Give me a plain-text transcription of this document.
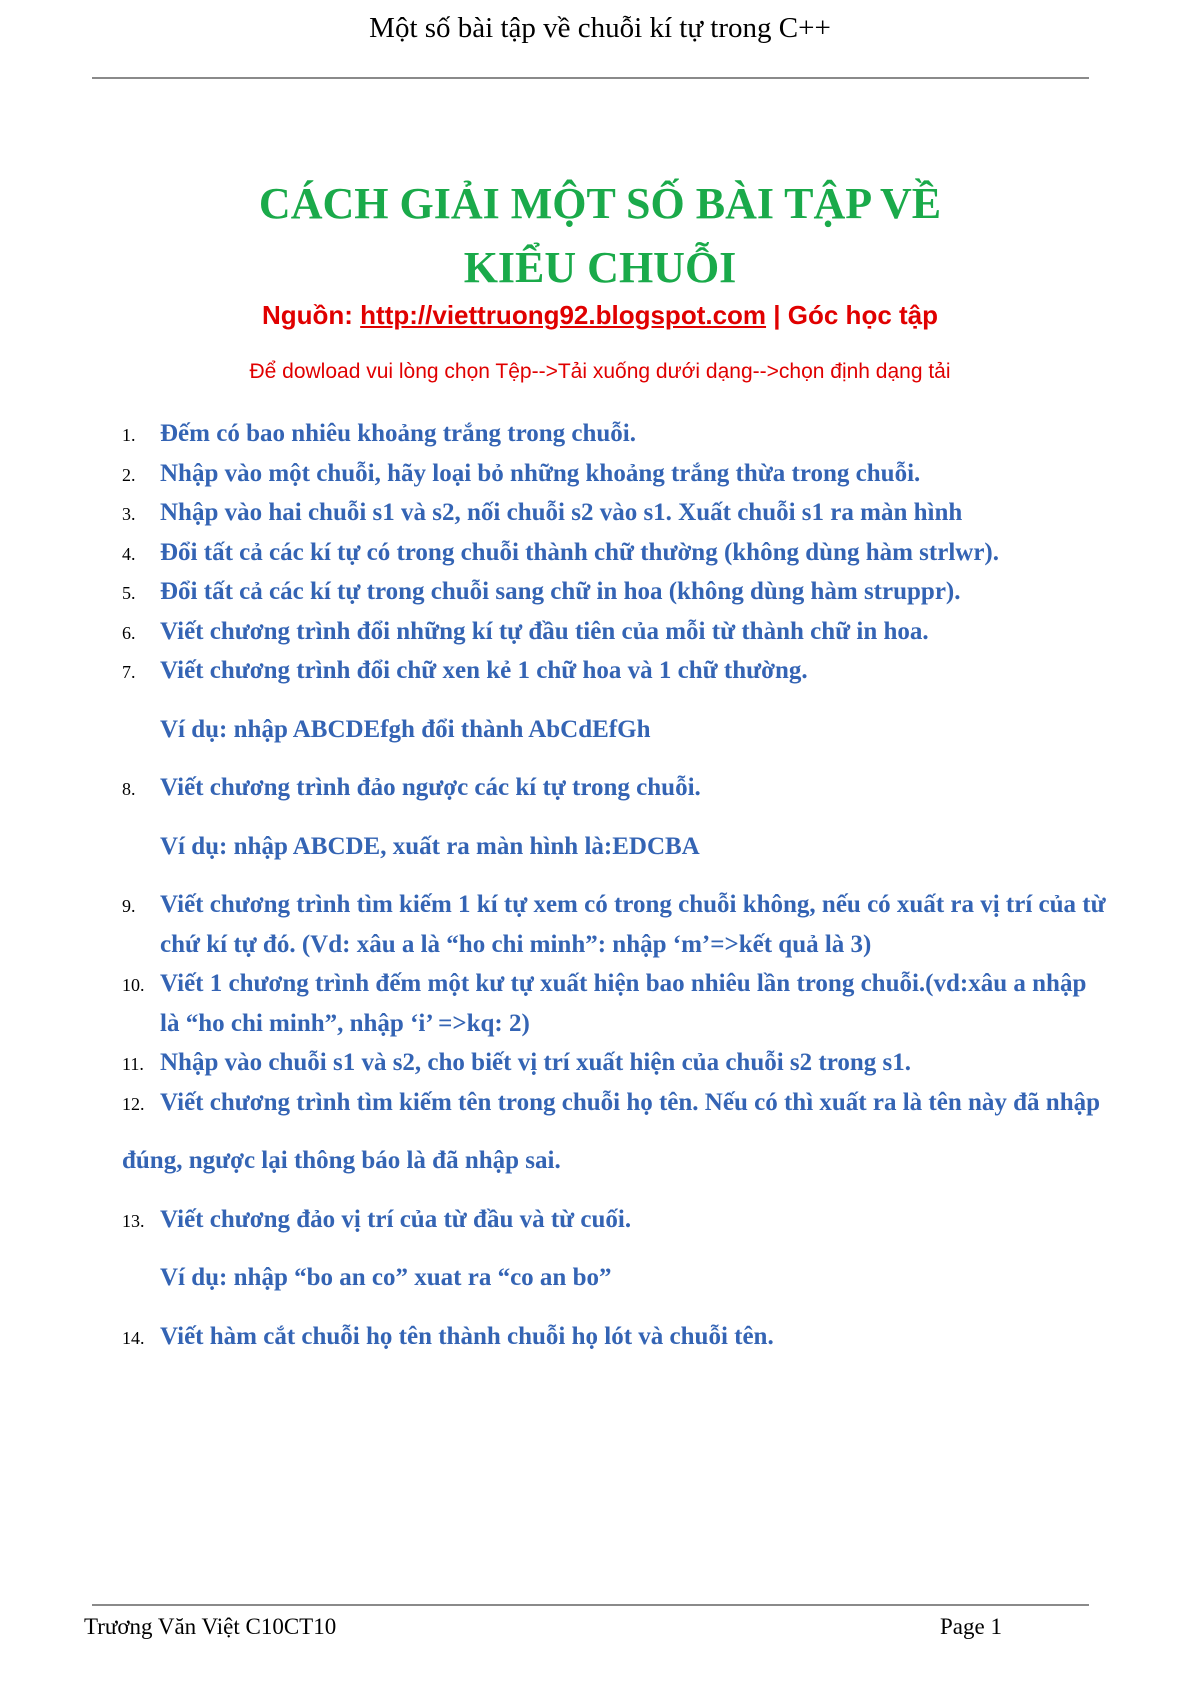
Một số bài tập về chuỗi kí tự trong C++
CÁCH GIẢI MỘT SỐ BÀI TẬP VỀ
KIỂU CHUỖI
Nguồn: http://viettruong92.blogspot.com | Góc học tập
Để dowload vui lòng chọn Tệp-->Tải xuống dưới dạng-->chọn định dạng tải
1. Đếm có bao nhiêu khoảng trắng trong chuỗi.
2. Nhập vào một chuỗi, hãy loại bỏ những khoảng trắng thừa trong chuỗi.
3. Nhập vào hai chuỗi s1 và s2, nối chuỗi s2 vào s1. Xuất chuỗi s1 ra màn hình
4. Đổi tất cả các kí tự có trong chuỗi thành chữ thường (không dùng hàm strlwr).
5. Đổi tất cả các kí tự trong chuỗi sang chữ in hoa (không dùng hàm struppr).
6. Viết chương trình đổi những kí tự đầu tiên của mỗi từ thành chữ in hoa.
7. Viết chương trình đổi chữ xen kẻ 1 chữ hoa và 1 chữ thường.
Ví dụ: nhập ABCDEfgh đổi thành AbCdEfGh
8. Viết chương trình đảo ngược các kí tự trong chuỗi.
Ví dụ: nhập ABCDE, xuất ra màn hình là:EDCBA
9. Viết chương trình tìm kiếm 1 kí tự xem có trong chuỗi không, nếu có xuất ra vị trí của từ chứ kí tự đó. (Vd: xâu a là “ho chi minh”: nhập ‘m’=>kết quả là 3)
10. Viết 1 chương trình đếm một kư tự xuất hiện bao nhiêu lần trong chuỗi.(vd:xâu a nhập là “ho chi minh”, nhập ‘i’ =>kq: 2)
11. Nhập vào chuỗi s1 và s2, cho biết vị trí xuất hiện của chuỗi s2 trong s1.
12. Viết chương trình tìm kiếm tên trong chuỗi họ tên. Nếu có thì xuất ra là tên này đã nhập
đúng, ngược lại thông báo là đã nhập sai.
13. Viết chương đảo vị trí của từ đầu và từ cuối.
Ví dụ: nhập “bo an co” xuat ra “co an bo”
14. Viết hàm cắt chuỗi họ tên thành chuỗi họ lót và chuỗi tên.
Trương Văn Việt C10CT10	Page 1
